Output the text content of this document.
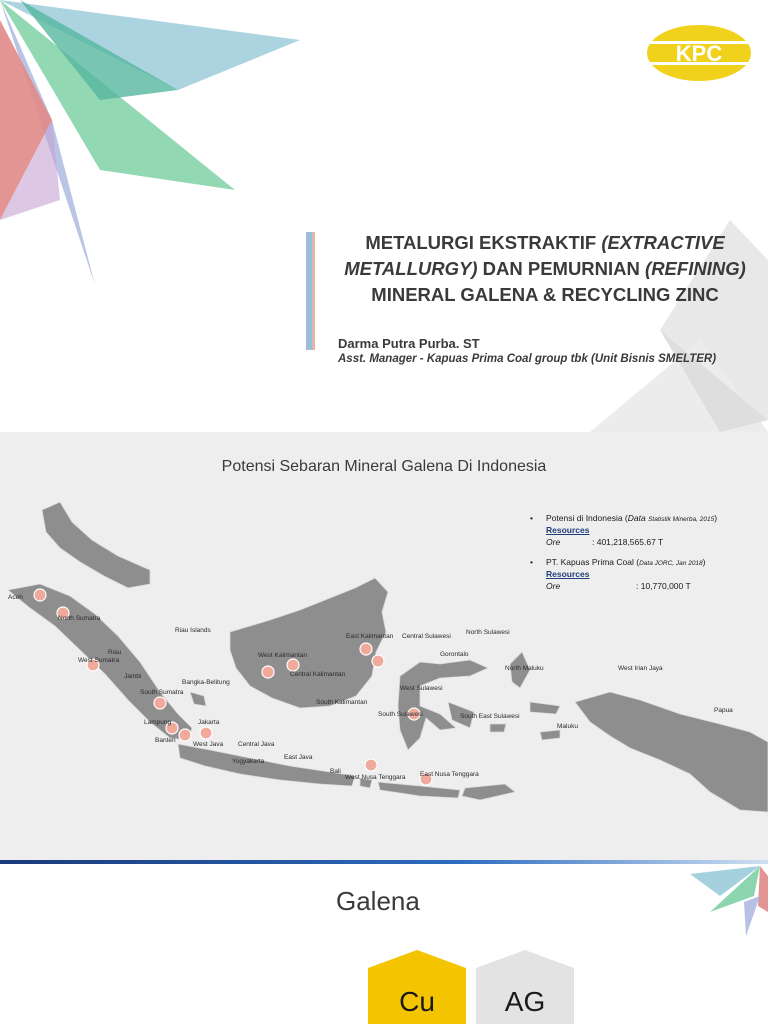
KPC
METALURGI EKSTRAKTIF (EXTRACTIVE
METALLURGY) DAN PEMURNIAN (REFINING)
MINERAL GALENA & RECYCLING ZINC
Darma Putra Purba. ST
Asst. Manager - Kapuas Prima Coal group tbk (Unit Bisnis SMELTER)
Potensi Sebaran Mineral Galena Di Indonesia
Aceh
North Sumatra
Riau Islands
Riau
West Sumatra
Jambi
South Sumatra
Bangka-Belitung
Lampung
Banten
Jakarta
West Java Central Java
Yogyakarta
East Java
Bali
West Nusa Tenggara East Nusa Tenggara
West Kalimantan
Central Kalimantan
South Kalimantan
East Kalimantan Central Sulawesi
North Sulawesi
Gorontalo
West Sulawesi
South Sulawesi	South East Sulawesi
North Maluku
Maluku
West Irian Jaya
Papua
• Potensi di Indonesia (Data Statistik Minerba, 2015)
Resources
Ore	: 401,218,565.67 T
• PT. Kapuas Prima Coal (Data JORC, Jan 2018)
Resources
Ore	: 10,770,000 T
Galena
Cu	AG
